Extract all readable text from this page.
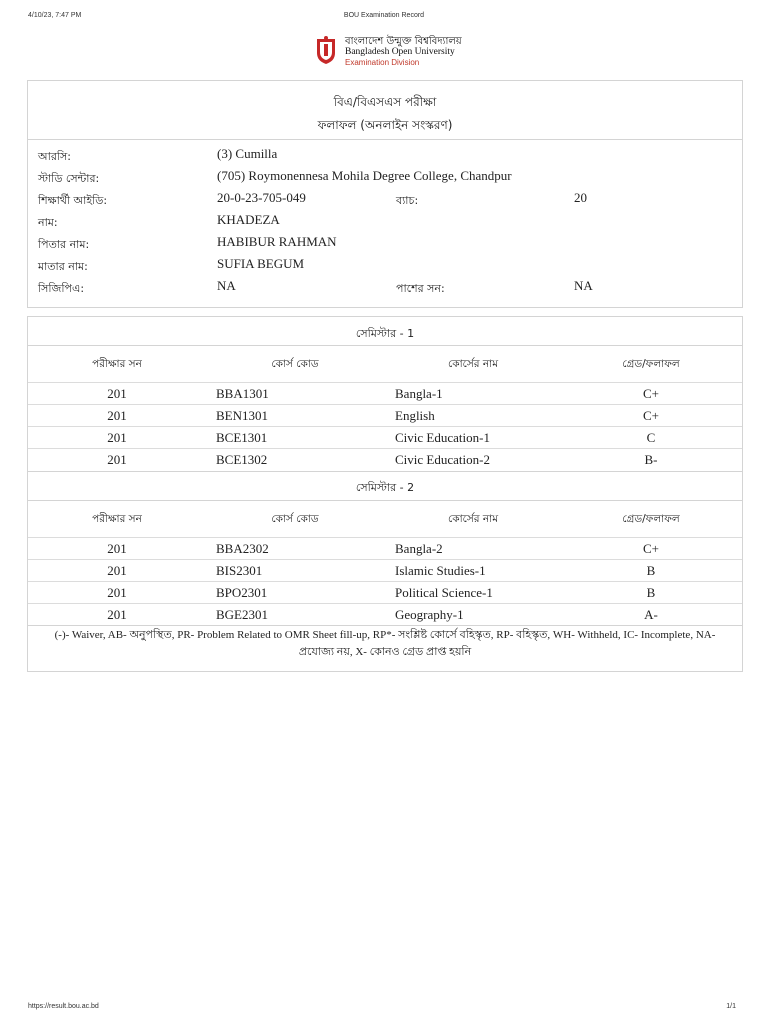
4/10/23, 7:47 PM	BOU Examination Record
বাংলাদেশ উন্মুক্ত বিশ্ববিদ্যালয়
Bangladesh Open University
Examination Division
বিএ/বিএসএস পরীক্ষা
ফলাফল (অনলাইন সংস্করণ)
আরসি:	(3) Cumilla
স্টাডি সেন্টার:	(705) Roymonennesa Mohila Degree College, Chandpur
শিক্ষার্থী আইডি:	20-0-23-705-049	ব্যাচ:	20
নাম:	KHADEZA
পিতার নাম:	HABIBUR RAHMAN
মাতার নাম:	SUFIA BEGUM
সিজিপিএ:	NA	পাশের সন:	NA
সেমিস্টার - 1
পরীক্ষার সন	কোর্স কোড	কোর্সের নাম	গ্রেড/ফলাফল
201	BBA1301	Bangla-1	C+
201	BEN1301	English	C+
201	BCE1301	Civic Education-1	C
201	BCE1302	Civic Education-2	B-
সেমিস্টার - 2
পরীক্ষার সন	কোর্স কোড	কোর্সের নাম	গ্রেড/ফলাফল
201	BBA2302	Bangla-2	C+
201	BIS2301	Islamic Studies-1	B
201	BPO2301	Political Science-1	B
201	BGE2301	Geography-1	A-
(-)- Waiver, AB- অনুপস্থিত, PR- Problem Related to OMR Sheet fill-up, RP*- সংশ্লিষ্ট কোর্সে বহিস্কৃত, RP- বহিস্কৃত, WH- Withheld, IC- Incomplete, NA- প্রযোজ্য নয়, X- কোনও গ্রেড প্রাপ্ত হয়নি
https://result.bou.ac.bd	1/1
